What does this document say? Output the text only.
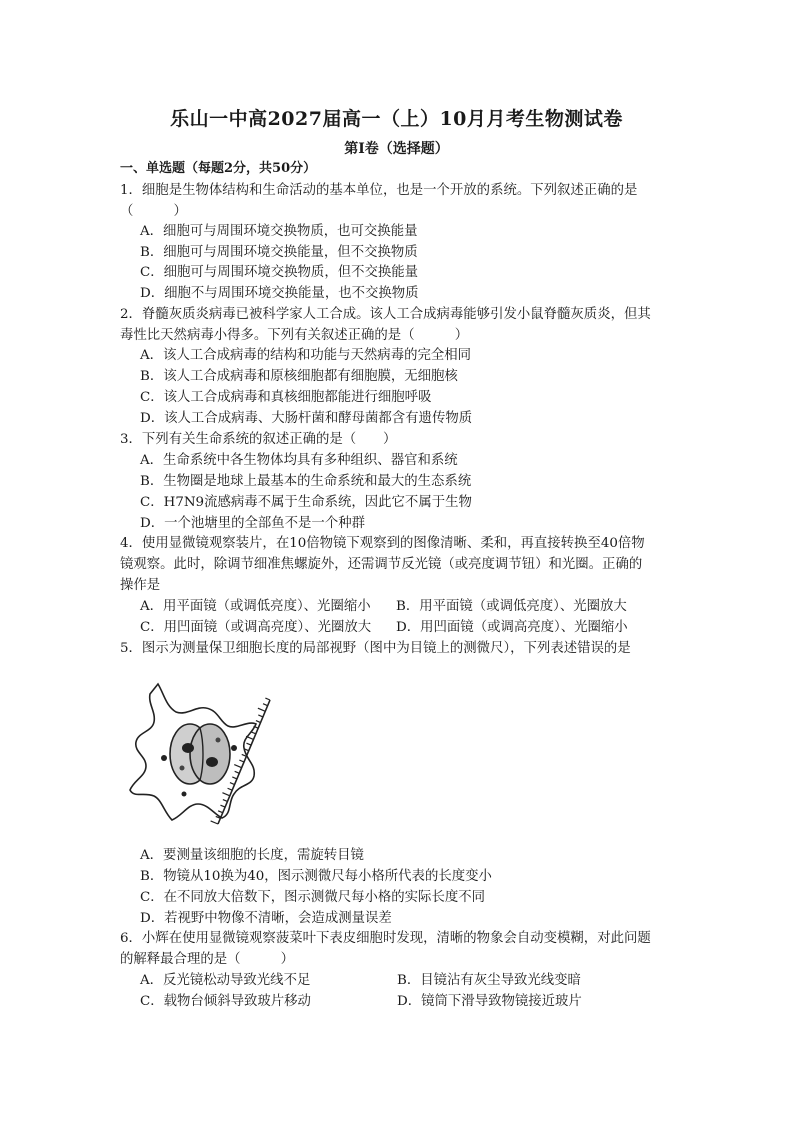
乐山一中高2027届高一（上）10月月考生物测试卷
第Ⅰ卷（选择题）
一、单选题（每题2分，共50分）
1．细胞是生物体结构和生命活动的基本单位，也是一个开放的系统。下列叙述正确的是
（　　　）
A．细胞可与周围环境交换物质，也可交换能量
B．细胞可与周围环境交换能量，但不交换物质
C．细胞可与周围环境交换物质，但不交换能量
D．细胞不与周围环境交换能量，也不交换物质
2．脊髓灰质炎病毒已被科学家人工合成。该人工合成病毒能够引发小鼠脊髓灰质炎，但其
毒性比天然病毒小得多。下列有关叙述正确的是（　　　）
A．该人工合成病毒的结构和功能与天然病毒的完全相同
B．该人工合成病毒和原核细胞都有细胞膜，无细胞核
C．该人工合成病毒和真核细胞都能进行细胞呼吸
D．该人工合成病毒、大肠杆菌和酵母菌都含有遗传物质
3．下列有关生命系统的叙述正确的是（　　）
A．生命系统中各生物体均具有多种组织、器官和系统
B．生物圈是地球上最基本的生命系统和最大的生态系统
C．H7N9流感病毒不属于生命系统，因此它不属于生物
D．一个池塘里的全部鱼不是一个种群
4．使用显微镜观察装片，在10倍物镜下观察到的图像清晰、柔和，再直接转换至40倍物
镜观察。此时，除调节细准焦螺旋外，还需调节反光镜（或亮度调节钮）和光圈。正确的
操作是
A．用平面镜（或调低亮度）、光圈缩小 B．用平面镜（或调低亮度）、光圈放大
C．用凹面镜（或调高亮度）、光圈放大 D．用凹面镜（或调高亮度）、光圈缩小
5．图示为测量保卫细胞长度的局部视野（图中为目镜上的测微尺），下列表述错误的是
A．要测量该细胞的长度，需旋转目镜
B．物镜从10换为40，图示测微尺每小格所代表的长度变小
C．在不同放大倍数下，图示测微尺每小格的实际长度不同
D．若视野中物像不清晰，会造成测量误差
6．小辉在使用显微镜观察菠菜叶下表皮细胞时发现，清晰的物象会自动变模糊，对此问题
的解释最合理的是（　　　）
A．反光镜松动导致光线不足	B．目镜沾有灰尘导致光线变暗
C．载物台倾斜导致玻片移动	D．镜筒下滑导致物镜接近玻片
